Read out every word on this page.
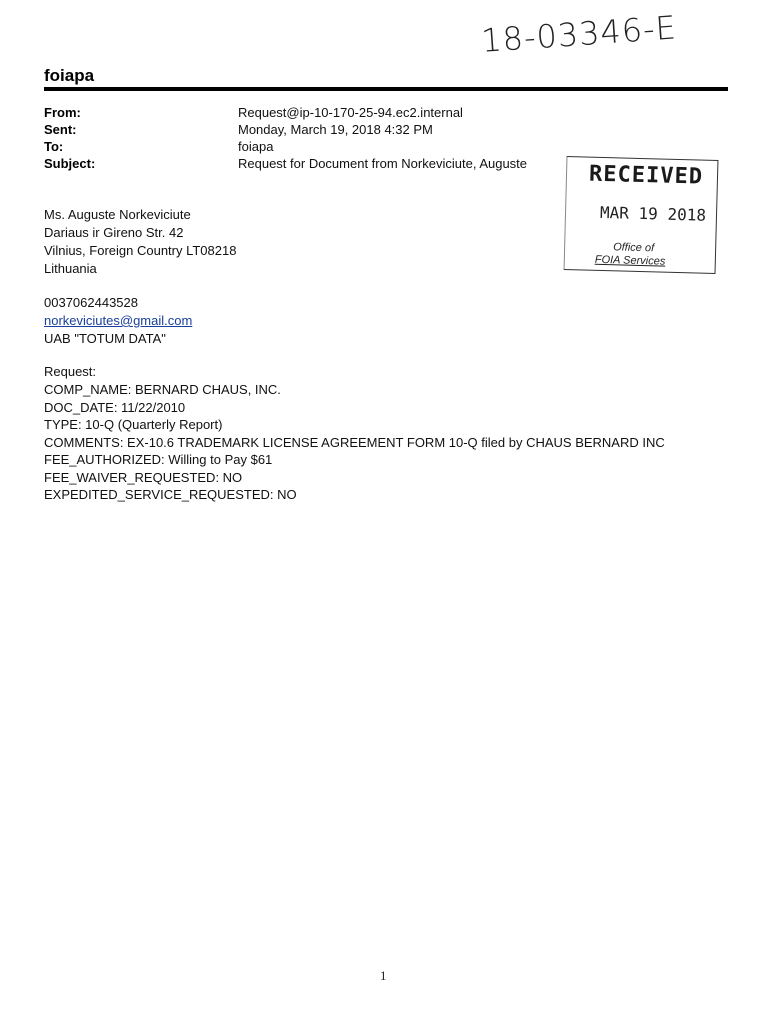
18-03346-E
foiapa
From:	Request@ip-10-170-25-94.ec2.internal
Sent:	Monday, March 19, 2018 4:32 PM
To:	foiapa
Subject:	Request for Document from Norkeviciute, Auguste	RECEIVED
MAR 19 2018
Office of
FOIA Services
Ms. Auguste Norkeviciute
Dariaus ir Gireno Str. 42
Vilnius, Foreign Country LT08218
Lithuania
0037062443528
norkeviciutes@gmail.com
UAB "TOTUM DATA"
Request:
COMP_NAME: BERNARD CHAUS, INC.
DOC_DATE: 11/22/2010
TYPE: 10-Q (Quarterly Report)
COMMENTS: EX-10.6 TRADEMARK LICENSE AGREEMENT FORM 10-Q filed by CHAUS BERNARD INC
FEE_AUTHORIZED: Willing to Pay $61
FEE_WAIVER_REQUESTED: NO
EXPEDITED_SERVICE_REQUESTED: NO
1
